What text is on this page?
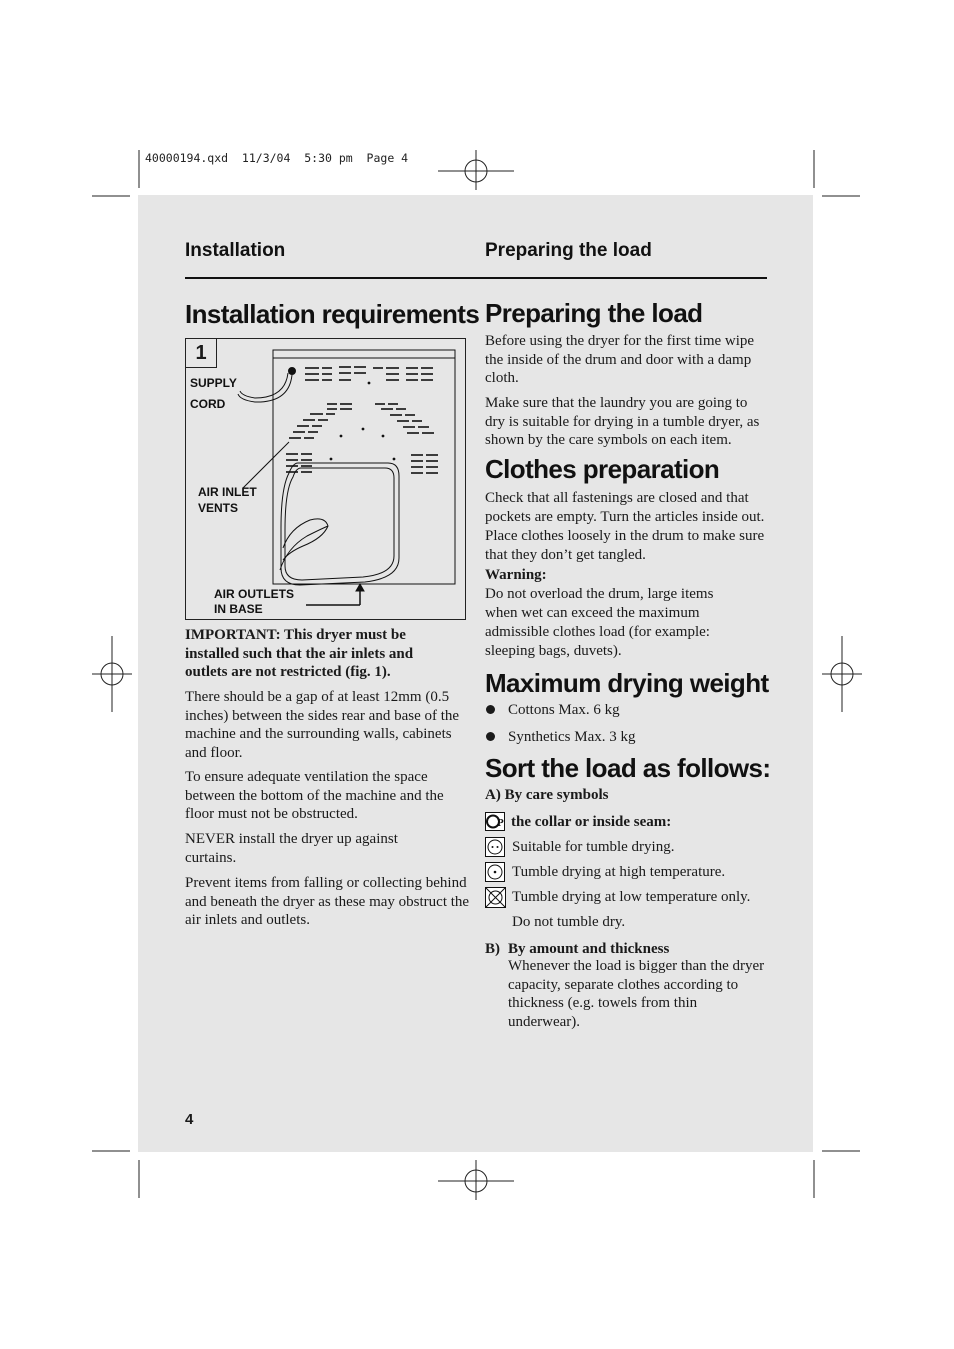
40000194.qxd  11/3/04  5:30 pm  Page 4
Installation	Preparing the load
Installation requirements
1
SUPPLY
CORD
AIR INLET
VENTS
AIR OUTLETS
IN BASE
IMPORTANT: This dryer must be installed such that the air inlets and outlets are not restricted (fig. 1).
There should be a gap of at least 12mm (0.5 inches) between the sides rear and base of the machine and the surrounding walls, cabinets and floor.
To ensure adequate ventilation the space between the bottom of the machine and the floor must not be obstructed.
NEVER install the dryer up against curtains.
Prevent items from falling or collecting behind and beneath the dryer as these may obstruct the air inlets and outlets.
Preparing the load
Before using the dryer for the first time wipe the inside of the drum and door with a damp cloth.
Make sure that the laundry you are going to dry is suitable for drying in a tumble dryer, as shown by the care symbols on each item.
Clothes preparation
Check that all fastenings are closed and that pockets are empty. Turn the articles inside out. Place clothes loosely in the drum to make sure that they don’t get tangled.
Warning:
Do not overload the drum, large items when wet can exceed the maximum admissible clothes load (for example: sleeping bags, duvets).
Maximum drying weight
Cottons Max. 6 kg
Synthetics Max. 3 kg
Sort the load as follows:
A) By care symbols
P the collar or inside seam:
Suitable for tumble drying.
Tumble drying at high temperature.
Tumble drying at low temperature only.
Do not tumble dry.
B) By amount and thickness
Whenever the load is bigger than the dryer capacity, separate clothes according to thickness (e.g. towels from thin underwear).
4
